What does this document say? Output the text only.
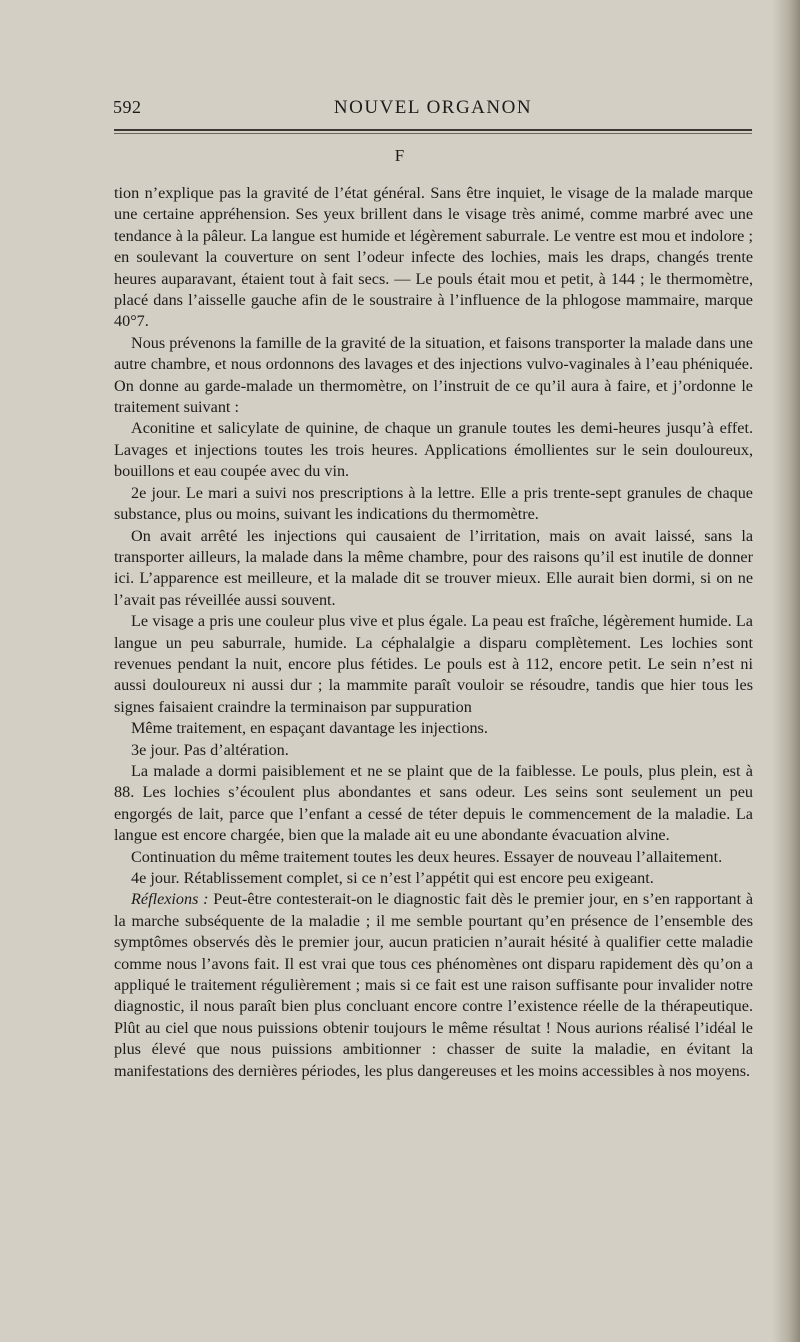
592	NOUVEL ORGANON
F

tion n’explique pas la gravité de l’état général. Sans être inquiet, le visage de la malade marque une certaine appréhension. Ses yeux brillent dans le visage très animé, comme marbré avec une tendance à la pâleur. La langue est humide et légèrement saburrale. Le ventre est mou et indolore ; en soulevant la couverture on sent l’odeur infecte des lochies, mais les draps, changés trente heures auparavant, étaient tout à fait secs. — Le pouls était mou et petit, à 144 ; le thermomètre, placé dans l’aisselle gauche afin de le soustraire à l’influence de la phlogose mammaire, marque 40°7.

Nous prévenons la famille de la gravité de la situation, et faisons transporter la malade dans une autre chambre, et nous ordonnons des lavages et des injections vulvo-vaginales à l’eau phéniquée. On donne au garde-malade un thermomètre, on l’instruit de ce qu’il aura à faire, et j’ordonne le traitement suivant :

Aconitine et salicylate de quinine, de chaque un granule toutes les demi-heures jusqu’à effet. Lavages et injections toutes les trois heures. Applications émollientes sur le sein douloureux, bouillons et eau coupée avec du vin.

2e jour. Le mari a suivi nos prescriptions à la lettre. Elle a pris trente-sept granules de chaque substance, plus ou moins, suivant les indications du thermomètre.

On avait arrêté les injections qui causaient de l’irritation, mais on avait laissé, sans la transporter ailleurs, la malade dans la même chambre, pour des raisons qu’il est inutile de donner ici. L’apparence est meilleure, et la malade dit se trouver mieux. Elle aurait bien dormi, si on ne l’avait pas réveillée aussi souvent.

Le visage a pris une couleur plus vive et plus égale. La peau est fraîche, légèrement humide. La langue un peu saburrale, humide. La céphalalgie a disparu complètement. Les lochies sont revenues pendant la nuit, encore plus fétides. Le pouls est à 112, encore petit. Le sein n’est ni aussi douloureux ni aussi dur ; la mammite paraît vouloir se résoudre, tandis que hier tous les signes faisaient craindre la terminaison par suppuration

Même traitement, en espaçant davantage les injections.

3e jour. Pas d’altération.

La malade a dormi paisiblement et ne se plaint que de la faiblesse. Le pouls, plus plein, est à 88. Les lochies s’écoulent plus abondantes et sans odeur. Les seins sont seulement un peu engorgés de lait, parce que l’enfant a cessé de téter depuis le commencement de la maladie. La langue est encore chargée, bien que la malade ait eu une abondante évacuation alvine.

Continuation du même traitement toutes les deux heures. Essayer de nouveau l’allaitement.

4e jour. Rétablissement complet, si ce n’est l’appétit qui est encore peu exigeant.

Réflexions : Peut-être contesterait-on le diagnostic fait dès le premier jour, en s’en rapportant à la marche subséquente de la maladie ; il me semble pourtant qu’en présence de l’ensemble des symptômes observés dès le premier jour, aucun praticien n’aurait hésité à qualifier cette maladie comme nous l’avons fait. Il est vrai que tous ces phénomènes ont disparu rapidement dès qu’on a appliqué le traitement régulièrement ; mais si ce fait est une raison suffisante pour invalider notre diagnostic, il nous paraît bien plus concluant encore contre l’existence réelle de la thérapeutique. Plût au ciel que nous puissions obtenir toujours le même résultat ! Nous aurions réalisé l’idéal le plus élevé que nous puissions ambitionner : chasser de suite la maladie, en évitant la manifestations des dernières périodes, les plus dangereuses et les moins accessibles à nos moyens.
